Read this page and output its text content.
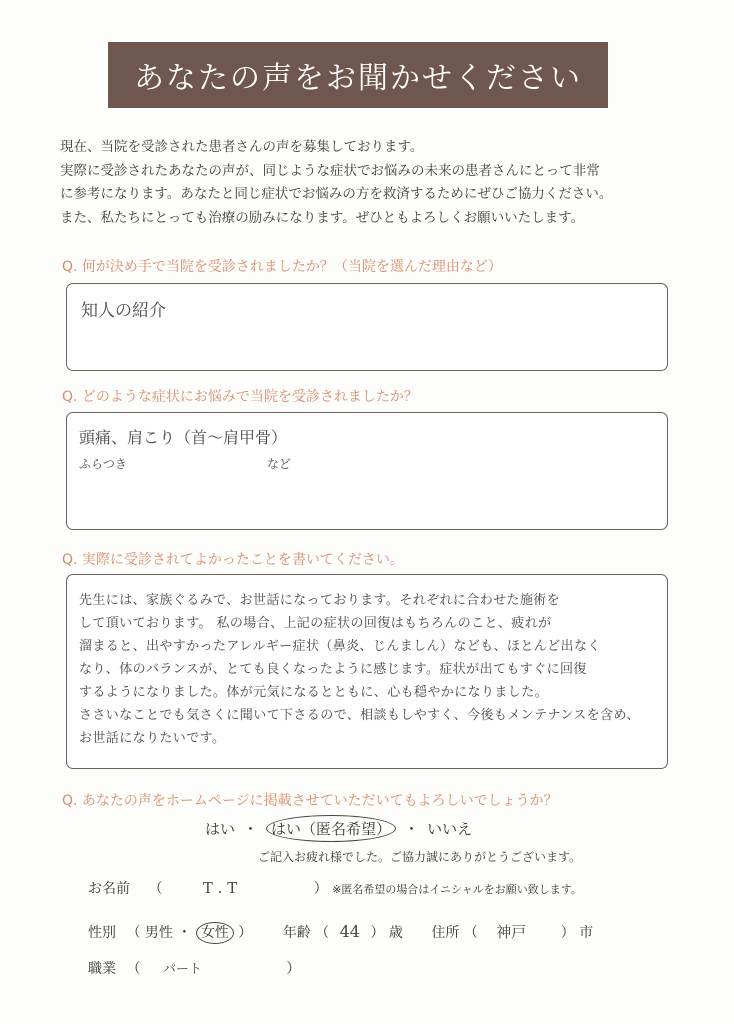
あなたの声をお聞かせください

現在、当院を受診された患者さんの声を募集しております。

実際に受診されたあなたの声が、同じような症状でお悩みの未来の患者さんにとって非常

に参考になります。あなたと同じ症状でお悩みの方を救済するためにぜひご協力ください。

また、私たちにとっても治療の励みになります。ぜひともよろしくお願いいたします。

Q. 何が決め手で当院を受診されましたか？（当院を選んだ理由など）
知人の紹介
Q. どのような症状にお悩みで当院を受診されましたか？
頭痛、肩こり（首〜肩甲骨）
ふらつき	など
Q. 実際に受診されてよかったことを書いてください。
先生には、家族ぐるみで、お世話になっております。それぞれに合わせた施術を
して頂いております。 私の場合、上記の症状の回復はもちろんのこと、疲れが
溜まると、出やすかったアレルギー症状（鼻炎、じんましん）なども、ほとんど出なく
なり、体のバランスが、とても良くなったように感じます。症状が出てもすぐに回復
するようになりました。体が元気になるとともに、心も穏やかになりました。
ささいなことでも気さくに聞いて下さるので、相談もしやすく、今後もメンテナンスを含め、
お世話になりたいです。
Q. あなたの声をホームページに掲載させていただいてもよろしいでしょうか？
はい ・ はい（匿名希望） ・ いいえ
ご記入お疲れ様でした。ご協力誠にありがとうございます。
お名前 （	T . T	） ※匿名希望の場合はイニシャルをお願い致します。
性別 （ 男性 ・ 女性 ） 年齢 （ 44 ） 歳 住所 （ 神戸 ） 市
職業 （ パート	）
